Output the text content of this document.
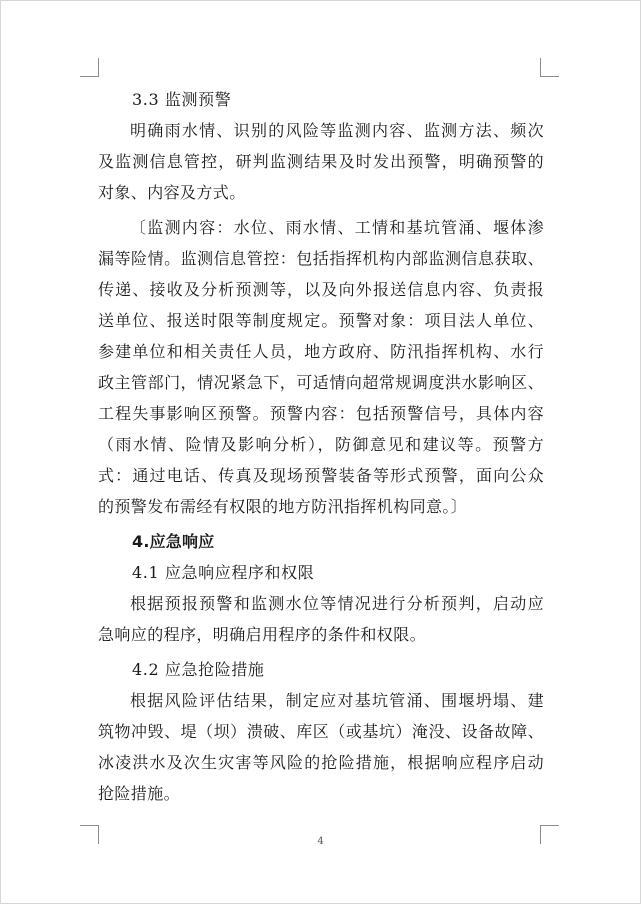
3.3 监测预警
明确雨水情、识别的风险等监测内容、监测方法、频次
及监测信息管控，研判监测结果及时发出预警，明确预警的
对象、内容及方式。
〔监测内容：水位、雨水情、工情和基坑管涌、堰体渗
漏等险情。监测信息管控：包括指挥机构内部监测信息获取、
传递、接收及分析预测等，以及向外报送信息内容、负责报
送单位、报送时限等制度规定。预警对象：项目法人单位、
参建单位和相关责任人员，地方政府、防汛指挥机构、水行
政主管部门，情况紧急下，可适情向超常规调度洪水影响区、
工程失事影响区预警。预警内容：包括预警信号，具体内容
（雨水情、险情及影响分析），防御意见和建议等。预警方
式：通过电话、传真及现场预警装备等形式预警，面向公众
的预警发布需经有权限的地方防汛指挥机构同意。〕
4.应急响应
4.1 应急响应程序和权限
根据预报预警和监测水位等情况进行分析预判，启动应
急响应的程序，明确启用程序的条件和权限。
4.2 应急抢险措施
根据风险评估结果，制定应对基坑管涌、围堰坍塌、建
筑物冲毁、堤（坝）溃破、库区（或基坑）淹没、设备故障、
冰凌洪水及次生灾害等风险的抢险措施，根据响应程序启动
抢险措施。
4
